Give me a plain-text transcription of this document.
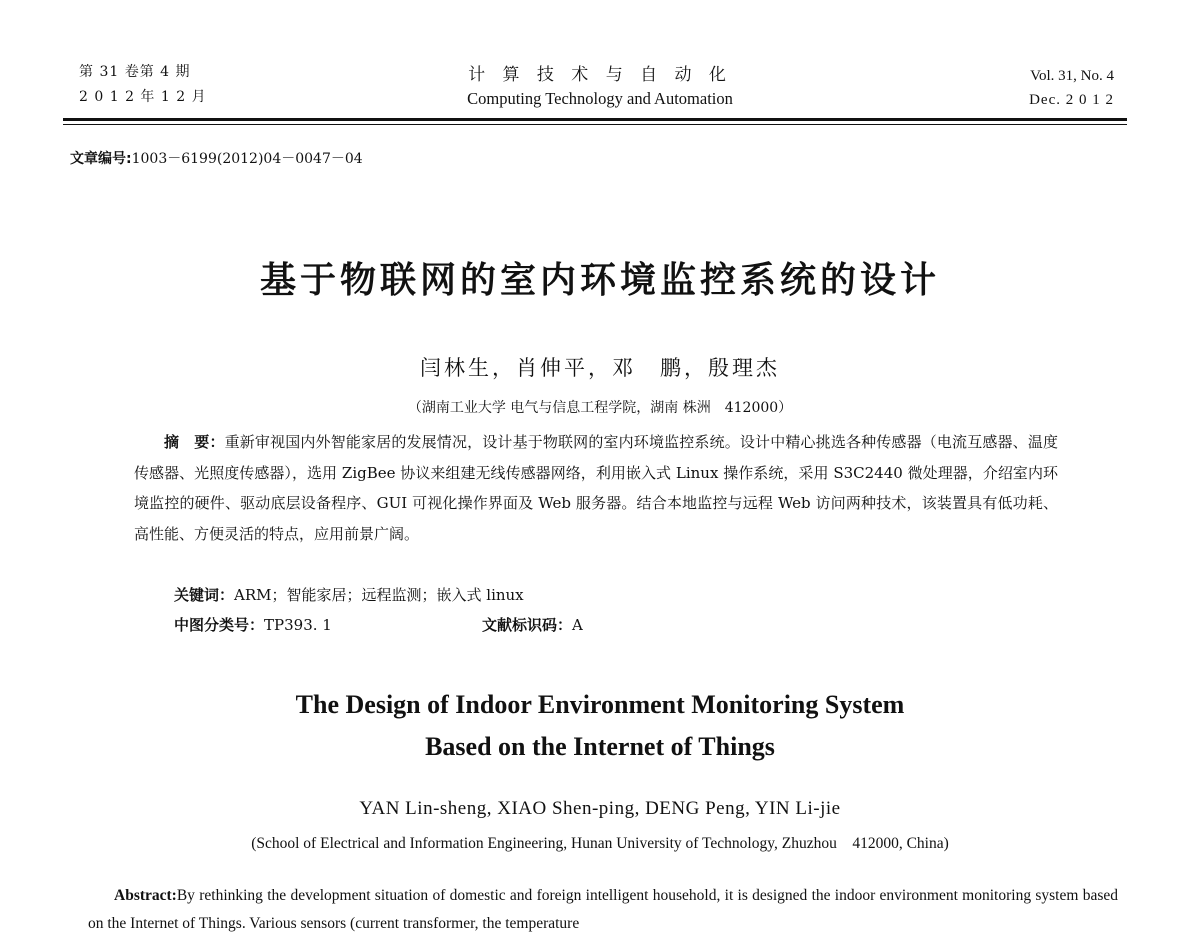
第 31 卷第 4 期
2 0 1 2 年 1 2 月
计 算 技 术 与 自 动 化
Computing Technology and Automation
Vol. 31, No. 4
Dec. 2 0 1 2
文章编号:1003－6199(2012)04－0047－04
基于物联网的室内环境监控系统的设计
闫林生，肖伸平，邓　鹏，殷理杰
（湖南工业大学 电气与信息工程学院，湖南 株洲　412000）
摘　要：重新审视国内外智能家居的发展情况，设计基于物联网的室内环境监控系统。设计中精心挑选各种传感器（电流互感器、温度传感器、光照度传感器），选用 ZigBee 协议来组建无线传感器网络，利用嵌入式 Linux 操作系统，采用 S3C2440 微处理器，介绍室内环境监控的硬件、驱动底层设备程序、GUI 可视化操作界面及 Web 服务器。结合本地监控与远程 Web 访问两种技术，该装置具有低功耗、高性能、方便灵活的特点，应用前景广阔。
关键词：ARM；智能家居；远程监测；嵌入式 linux
中图分类号：TP393. 1	文献标识码：A
The Design of Indoor Environment Monitoring System
Based on the Internet of Things
YAN Lin-sheng, XIAO Shen-ping, DENG Peng, YIN Li-jie
(School of Electrical and Information Engineering, Hunan University of Technology, Zhuzhou　412000, China)
Abstract:By rethinking the development situation of domestic and foreign intelligent household, it is designed the indoor environment monitoring system based on the Internet of Things. Various sensors (current transformer, the temperature
